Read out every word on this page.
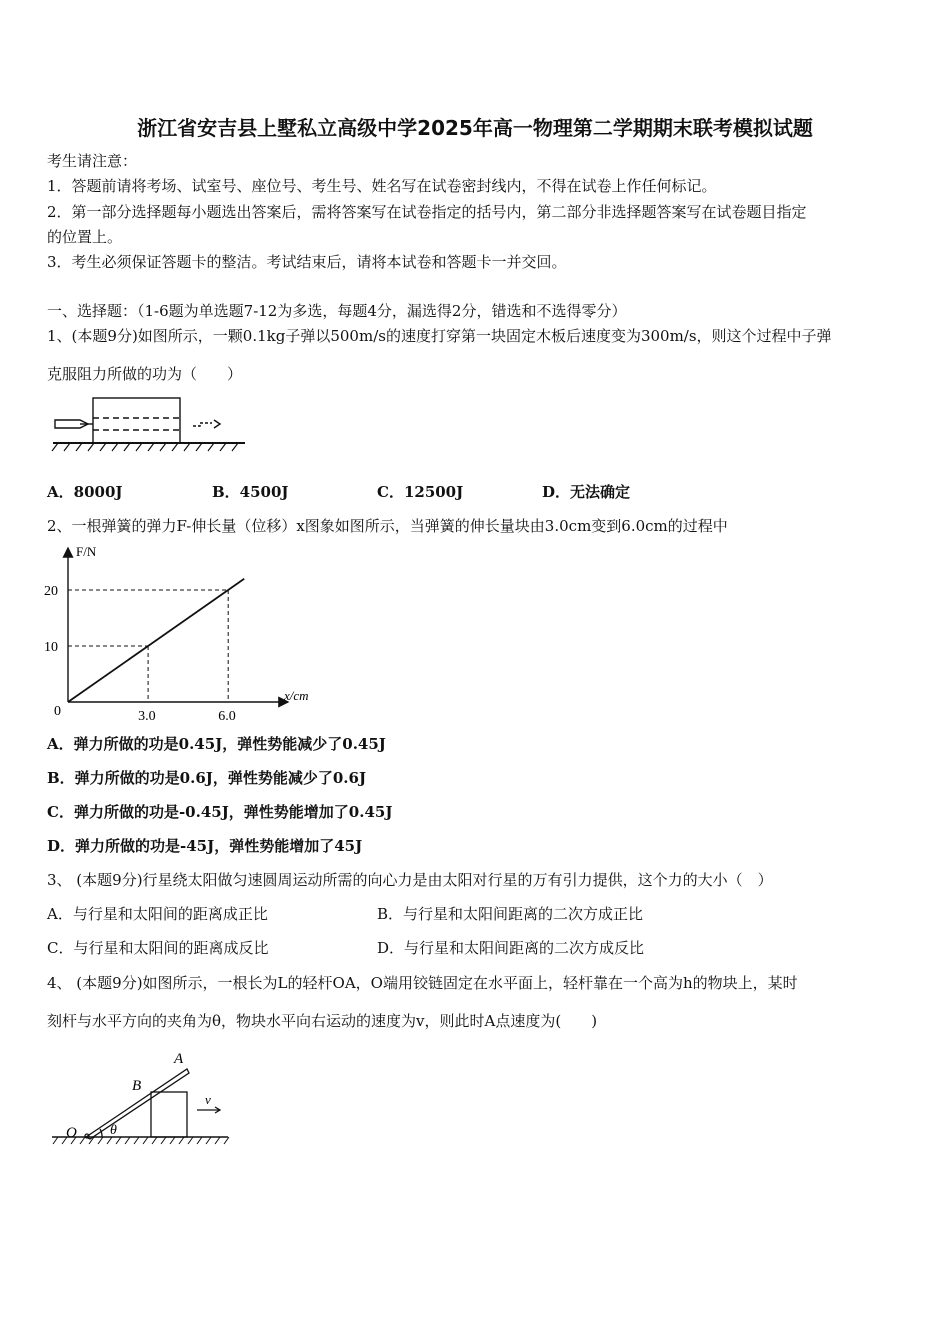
浙江省安吉县上墅私立高级中学2025年高一物理第二学期期末联考模拟试题
考生请注意：
1．答题前请将考场、试室号、座位号、考生号、姓名写在试卷密封线内，不得在试卷上作任何标记。
2．第一部分选择题每小题选出答案后，需将答案写在试卷指定的括号内，第二部分非选择题答案写在试卷题目指定
的位置上。
3．考生必须保证答题卡的整洁。考试结束后，请将本试卷和答题卡一并交回。
一、选择题：（1-6题为单选题7-12为多选，每题4分，漏选得2分，错选和不选得零分）
1、(本题9分)如图所示，一颗0.1kg子弹以500m/s的速度打穿第一块固定木板后速度变为300m/s，则这个过程中子弹
克服阻力所做的功为（　　）
A．8000J	B．4500J	C．12500J	D．无法确定
2、一根弹簧的弹力F-伸长量（位移）x图象如图所示，当弹簧的伸长量块由3.0cm变到6.0cm的过程中
F/N
x/cm
0
10
20
3.0	6.0
A．弹力所做的功是0.45J，弹性势能减少了0.45J
B．弹力所做的功是0.6J，弹性势能减少了0.6J
C．弹力所做的功是-0.45J，弹性势能增加了0.45J
D．弹力所做的功是-45J，弹性势能增加了45J
3、 (本题9分)行星绕太阳做匀速圆周运动所需的向心力是由太阳对行星的万有引力提供，这个力的大小（　）
A．与行星和太阳间的距离成正比	B．与行星和太阳间距离的二次方成正比
C．与行星和太阳间的距离成反比	D．与行星和太阳间距离的二次方成反比
4、 (本题9分)如图所示，一根长为L的轻杆OA，O端用铰链固定在水平面上，轻杆靠在一个高为h的物块上，某时
刻杆与水平方向的夹角为θ，物块水平向右运动的速度为v，则此时A点速度为(　　)
A
B
O θ
v
